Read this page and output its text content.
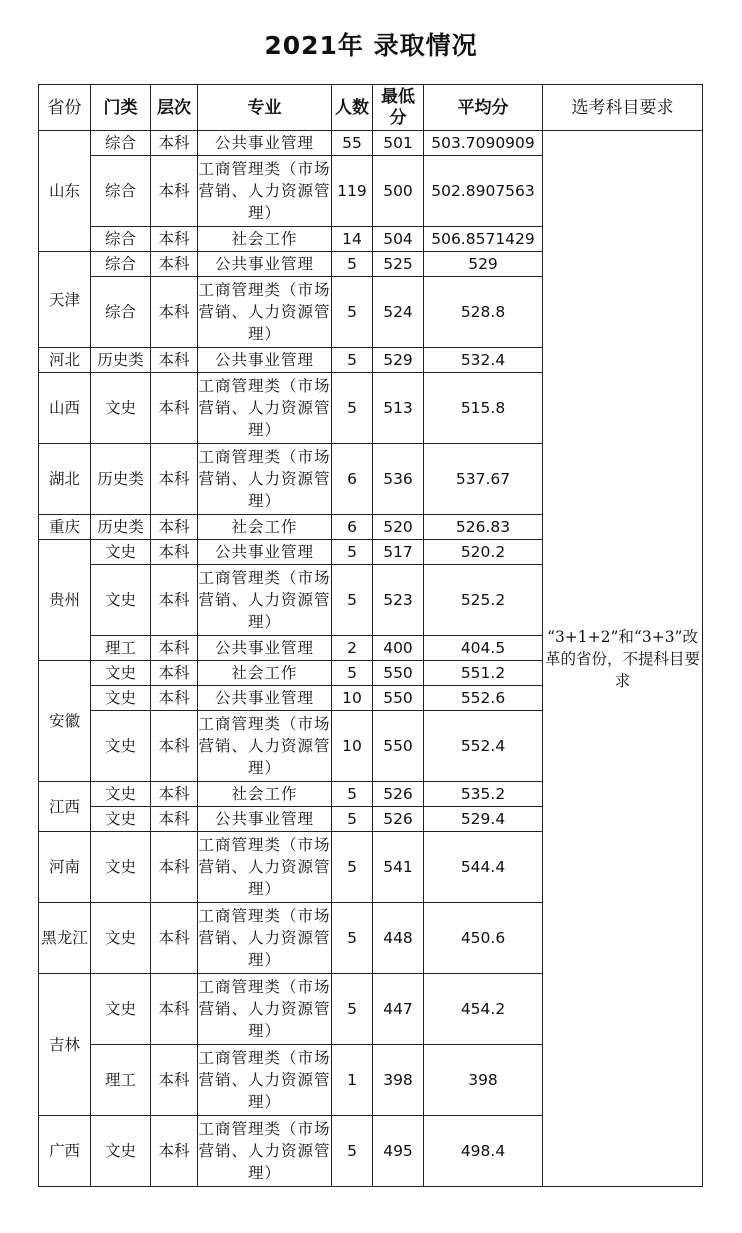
2021年 录取情况
省份	门类	层次	专业	人数	最低分	平均分	选考科目要求
山东	综合	本科	公共事业管理	55	501	503.7090909	“3+1+2”和“3+3”改革的省份，不提科目要求
	综合	本科	工商管理类（市场营销、人力资源管理）	119	500	502.8907563	
	综合	本科	社会工作	14	504	506.8571429	
天津	综合	本科	公共事业管理	5	525	529	
	综合	本科	工商管理类（市场营销、人力资源管理）	5	524	528.8	
河北	历史类	本科	公共事业管理	5	529	532.4	
山西	文史	本科	工商管理类（市场营销、人力资源管理）	5	513	515.8	
湖北	历史类	本科	工商管理类（市场营销、人力资源管理）	6	536	537.67	
重庆	历史类	本科	社会工作	6	520	526.83	
贵州	文史	本科	公共事业管理	5	517	520.2	
	文史	本科	工商管理类（市场营销、人力资源管理）	5	523	525.2	
	理工	本科	公共事业管理	2	400	404.5	
安徽	文史	本科	社会工作	5	550	551.2	
	文史	本科	公共事业管理	10	550	552.6	
	文史	本科	工商管理类（市场营销、人力资源管理）	10	550	552.4	
江西	文史	本科	社会工作	5	526	535.2	
	文史	本科	公共事业管理	5	526	529.4	
河南	文史	本科	工商管理类（市场营销、人力资源管理）	5	541	544.4	
黑龙江	文史	本科	工商管理类（市场营销、人力资源管理）	5	448	450.6	
吉林	文史	本科	工商管理类（市场营销、人力资源管理）	5	447	454.2	
	理工	本科	工商管理类（市场营销、人力资源管理）	1	398	398	
广西	文史	本科	工商管理类（市场营销、人力资源管理）	5	495	498.4	
